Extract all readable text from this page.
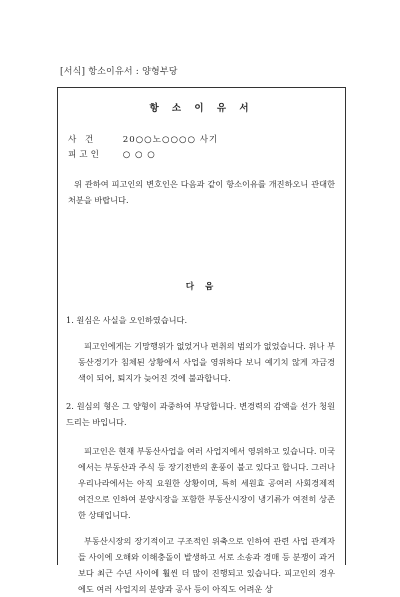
[서식] 항소이유서 : 양형부당
항 소 이 유 서
사 건	20○○노○○○○ 사기
피고인 ○ ○ ○

위 관하여 피고인의 변호인은 다음과 같이 항소이유를 개진하오니 관대한 처분을 바랍니다.

다 음

1. 원심은 사실을 오인하였습니다.

피고인에게는 기망행위가 없었거나 편취의 범의가 없었습니다. 위나 부동산경기가 침체된 상황에서 사업을 영위하다 보니 예기치 않게 자금경색이 되어, 퇴지가 늦어진 것에 불과합니다.

2. 원심의 형은 그 양형이 과중하여 부당합니다. 변경력의 감액을 선가 청원드리는 바입니다.

피고인은 현재 부동산사업을 여러 사업지에서 영위하고 있습니다. 미국에서는 부동산과 주식 등 장기전반의 훈풍이 불고 있다고 합니다. 그러나 우리나라에서는 아직 요원한 상황이며, 특히 세원효 공여러 사회경제적 여건으로 인하여 분양시장을 포함한 부동산시장이 냉기류가 여전히 상존한 상태입니다.

부동산시장의 장기적이고 구조적인 위축으로 인하여 관련 사업 관계자들 사이에 오해와 이해충돌이 발생하고 서로 소송과 경매 등 분쟁이 과거보다 최근 수년 사이에 훨씬 더 많이 진행되고 있습니다. 피고인의 경우에도 여러 사업지의 분양과 공사 등이 아직도 어려운 상
